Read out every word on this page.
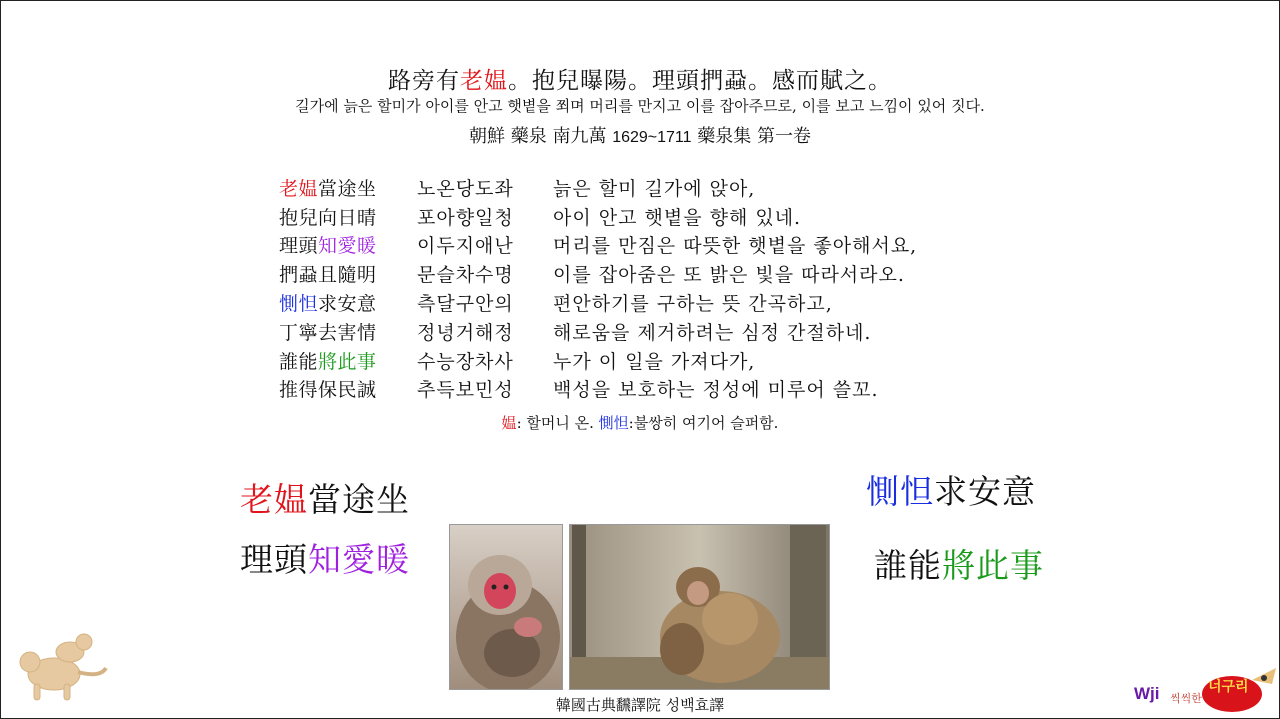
路旁有老媪。抱兒曝陽。理頭捫蝨。感而賦之。
길가에 늙은 할미가 아이를 안고 햇볕을 쬐며 머리를 만지고 이를 잡아주므로, 이를 보고 느낌이 있어 짓다.
朝鮮 藥泉 南九萬 1629~1711 藥泉集 第一卷
老媪當途坐	노온당도좌	늙은 할미 길가에 앉아,
抱兒向日晴	포아향일청	아이 안고 햇볕을 향해 있네.
理頭知愛暖	이두지애난	머리를 만짐은 따뜻한 햇볕을 좋아해서요,
捫蝨且隨明	문슬차수명	이를 잡아줌은 또 밝은 빛을 따라서라오.
惻怛求安意	측달구안의	편안하기를 구하는 뜻 간곡하고,
丁寧去害情	정녕거해정	해로움을 제거하려는 심정 간절하네.
誰能將此事	수능장차사	누가 이 일을 가져다가,
推得保民誠	추득보민성	백성을 보호하는 정성에 미루어 쓸꼬.
媪: 할머니 온. 惻怛:불쌍히 여기어 슬퍼함.
老媪當途坐
理頭知愛暖
惻怛求安意
誰能將此事
韓國古典飜譯院 성백효譯
Wji 씩씩한
너구리
